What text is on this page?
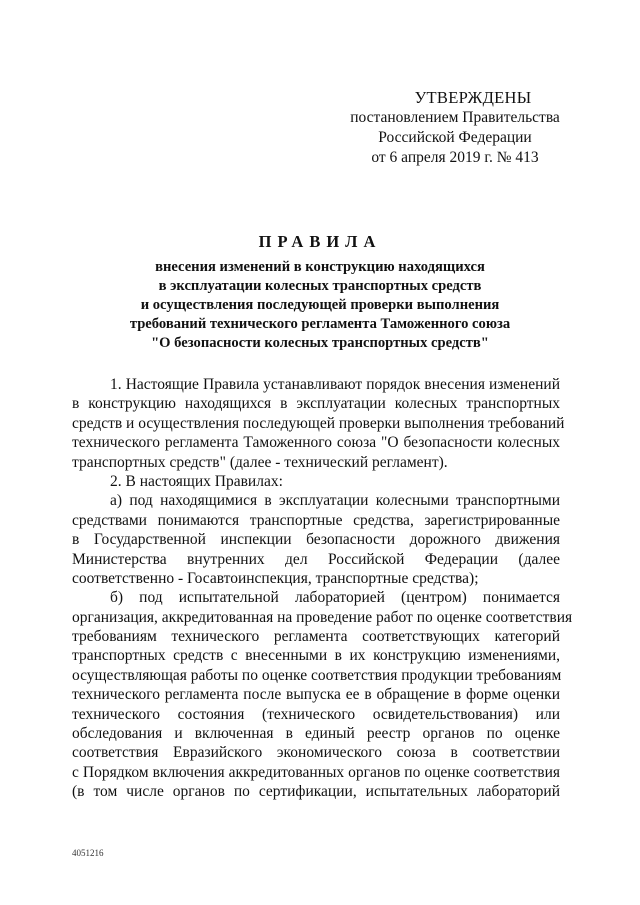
УТВЕРЖДЕНЫ
постановлением Правительства
Российской Федерации
от 6 апреля 2019 г. № 413
ПРАВИЛА
внесения изменений в конструкцию находящихся
в эксплуатации колесных транспортных средств
и осуществления последующей проверки выполнения
требований технического регламента Таможенного союза
"О безопасности колесных транспортных средств"
1. Настоящие Правила устанавливают порядок внесения изменений
в конструкцию находящихся в эксплуатации колесных транспортных
средств и осуществления последующей проверки выполнения требований
технического регламента Таможенного союза "О безопасности колесных
транспортных средств" (далее - технический регламент).
2. В настоящих Правилах:
а) под находящимися в эксплуатации колесными транспортными
средствами понимаются транспортные средства, зарегистрированные
в Государственной инспекции безопасности дорожного движения
Министерства внутренних дел Российской Федерации (далее
соответственно - Госавтоинспекция, транспортные средства);
б) под испытательной лабораторией (центром) понимается
организация, аккредитованная на проведение работ по оценке соответствия
требованиям технического регламента соответствующих категорий
транспортных средств с внесенными в их конструкцию изменениями,
осуществляющая работы по оценке соответствия продукции требованиям
технического регламента после выпуска ее в обращение в форме оценки
технического состояния (технического освидетельствования) или
обследования и включенная в единый реестр органов по оценке
соответствия Евразийского экономического союза в соответствии
с Порядком включения аккредитованных органов по оценке соответствия
(в том числе органов по сертификации, испытательных лабораторий
4051216
